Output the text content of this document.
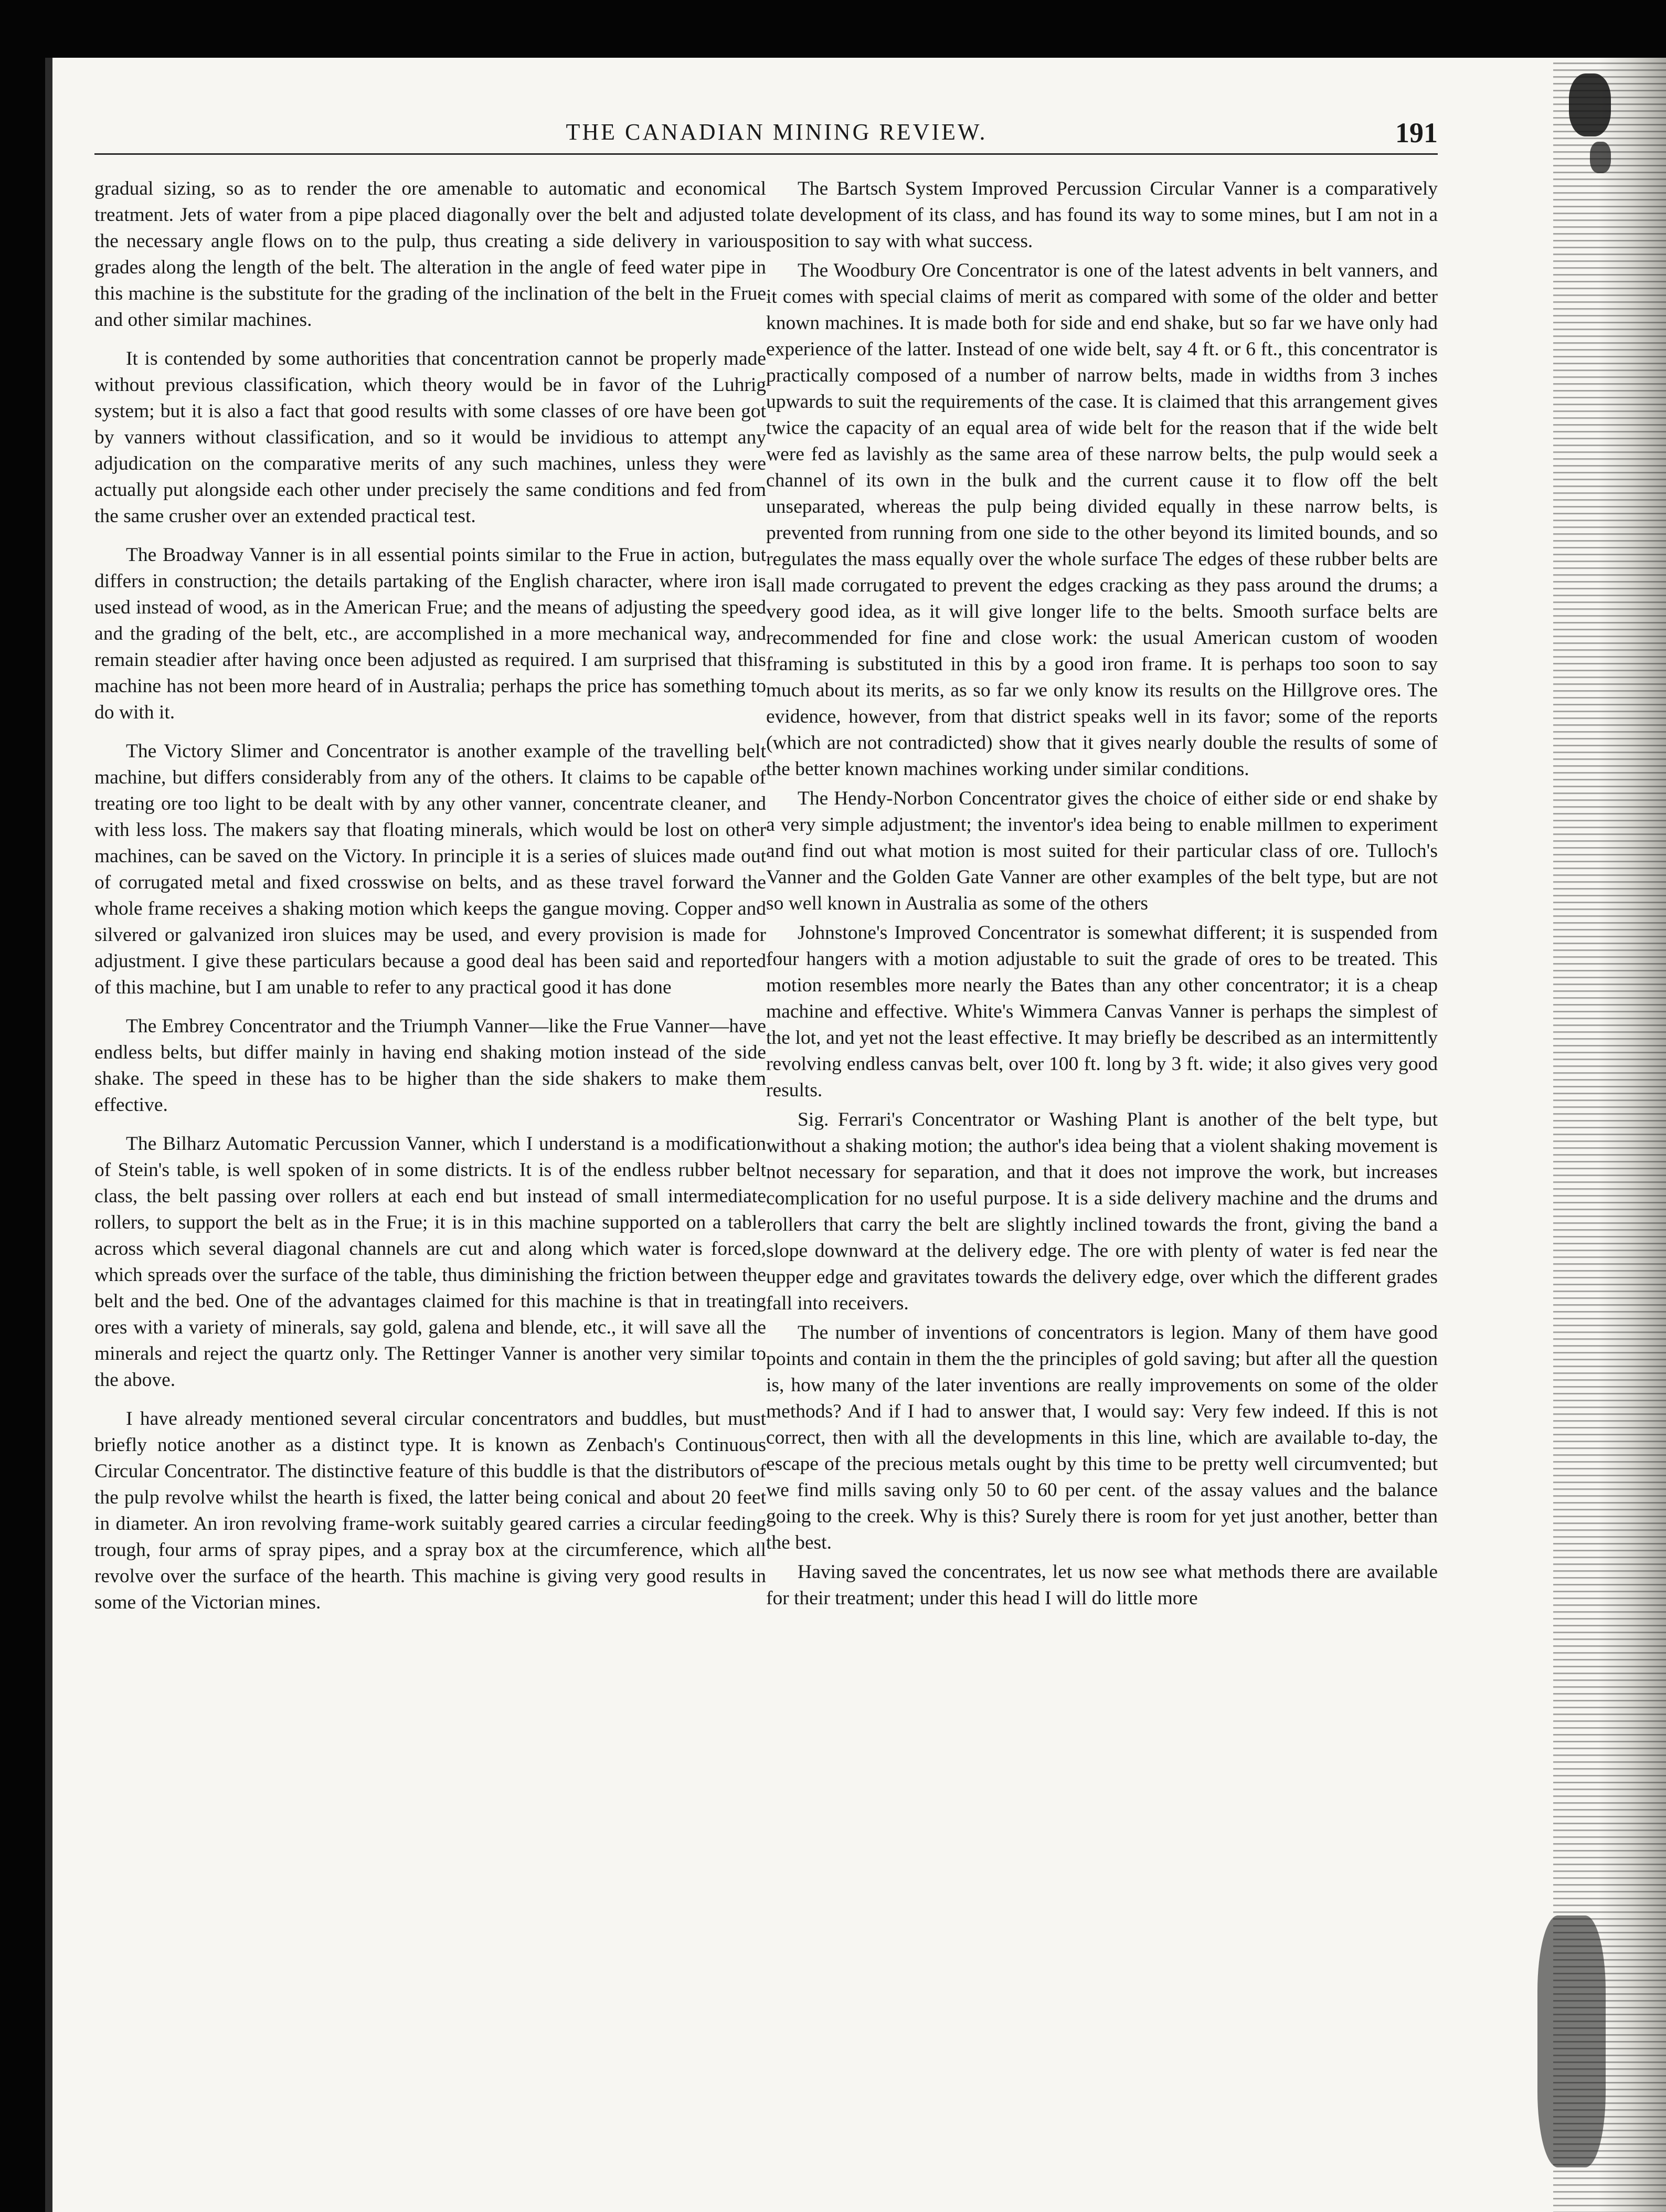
THE CANADIAN MINING REVIEW.	191

gradual sizing, so as to render the ore amenable to automatic and economical treatment. Jets of water from a pipe placed diagonally over the belt and adjusted to the necessary angle flows on to the pulp, thus creating a side delivery in various grades along the length of the belt. The alteration in the angle of feed water pipe in this machine is the substitute for the grading of the inclination of the belt in the Frue and other similar machines.

It is contended by some authorities that concentration cannot be properly made without previous classification, which theory would be in favor of the Luhrig system; but it is also a fact that good results with some classes of ore have been got by vanners without classification, and so it would be invidious to attempt any adjudication on the comparative merits of any such machines, unless they were actually put alongside each other under precisely the same conditions and fed from the same crusher over an extended practical test.

The Broadway Vanner is in all essential points similar to the Frue in action, but differs in construction; the details partaking of the English character, where iron is used instead of wood, as in the American Frue; and the means of adjusting the speed and the grading of the belt, etc., are accomplished in a more mechanical way, and remain steadier after having once been adjusted as required. I am surprised that this machine has not been more heard of in Australia; perhaps the price has something to do with it.

The Victory Slimer and Concentrator is another example of the travelling belt machine, but differs considerably from any of the others. It claims to be capable of treating ore too light to be dealt with by any other vanner, concentrate cleaner, and with less loss. The makers say that floating minerals, which would be lost on other machines, can be saved on the Victory. In principle it is a series of sluices made out of corrugated metal and fixed crosswise on belts, and as these travel forward the whole frame receives a shaking motion which keeps the gangue moving. Copper and silvered or galvanized iron sluices may be used, and every provision is made for adjustment. I give these particulars because a good deal has been said and reported of this machine, but I am unable to refer to any practical good it has done

The Embrey Concentrator and the Triumph Vanner—like the Frue Vanner—have endless belts, but differ mainly in having end shaking motion instead of the side shake. The speed in these has to be higher than the side shakers to make them effective.

The Bilharz Automatic Percussion Vanner, which I understand is a modification of Stein's table, is well spoken of in some districts. It is of the endless rubber belt class, the belt passing over rollers at each end but instead of small intermediate rollers, to support the belt as in the Frue; it is in this machine supported on a table across which several diagonal channels are cut and along which water is forced, which spreads over the surface of the table, thus diminishing the friction between the belt and the bed. One of the advantages claimed for this machine is that in treating ores with a variety of minerals, say gold, galena and blende, etc., it will save all the minerals and reject the quartz only. The Rettinger Vanner is another very similar to the above.

I have already mentioned several circular concentrators and buddles, but must briefly notice another as a distinct type. It is known as Zenbach's Continuous Circular Concentrator. The distinctive feature of this buddle is that the distributors of the pulp revolve whilst the hearth is fixed, the latter being conical and about 20 feet in diameter. An iron revolving frame-work suitably geared carries a circular feeding trough, four arms of spray pipes, and a spray box at the circumference, which all revolve over the surface of the hearth. This machine is giving very good results in some of the Victorian mines.

The Bartsch System Improved Percussion Circular Vanner is a comparatively late development of its class, and has found its way to some mines, but I am not in a position to say with what success.

The Woodbury Ore Concentrator is one of the latest advents in belt vanners, and it comes with special claims of merit as compared with some of the older and better known machines. It is made both for side and end shake, but so far we have only had experience of the latter. Instead of one wide belt, say 4 ft. or 6 ft., this concentrator is practically composed of a number of narrow belts, made in widths from 3 inches upwards to suit the requirements of the case. It is claimed that this arrangement gives twice the capacity of an equal area of wide belt for the reason that if the wide belt were fed as lavishly as the same area of these narrow belts, the pulp would seek a channel of its own in the bulk and the current cause it to flow off the belt unseparated, whereas the pulp being divided equally in these narrow belts, is prevented from running from one side to the other beyond its limited bounds, and so regulates the mass equally over the whole surface The edges of these rubber belts are all made corrugated to prevent the edges cracking as they pass around the drums; a very good idea, as it will give longer life to the belts. Smooth surface belts are recommended for fine and close work: the usual American custom of wooden framing is substituted in this by a good iron frame. It is perhaps too soon to say much about its merits, as so far we only know its results on the Hillgrove ores. The evidence, however, from that district speaks well in its favor; some of the reports (which are not contradicted) show that it gives nearly double the results of some of the better known machines working under similar conditions.

The Hendy-Norbon Concentrator gives the choice of either side or end shake by a very simple adjustment; the inventor's idea being to enable millmen to experiment and find out what motion is most suited for their particular class of ore. Tulloch's Vanner and the Golden Gate Vanner are other examples of the belt type, but are not so well known in Australia as some of the others

Johnstone's Improved Concentrator is somewhat different; it is suspended from four hangers with a motion adjustable to suit the grade of ores to be treated. This motion resembles more nearly the Bates than any other concentrator; it is a cheap machine and effective. White's Wimmera Canvas Vanner is perhaps the simplest of the lot, and yet not the least effective. It may briefly be described as an intermittently revolving endless canvas belt, over 100 ft. long by 3 ft. wide; it also gives very good results.

Sig. Ferrari's Concentrator or Washing Plant is another of the belt type, but without a shaking motion; the author's idea being that a violent shaking movement is not necessary for separation, and that it does not improve the work, but increases complication for no useful purpose. It is a side delivery machine and the drums and rollers that carry the belt are slightly inclined towards the front, giving the band a slope downward at the delivery edge. The ore with plenty of water is fed near the upper edge and gravitates towards the delivery edge, over which the different grades fall into receivers.

The number of inventions of concentrators is legion. Many of them have good points and contain in them the the principles of gold saving; but after all the question is, how many of the later inventions are really improvements on some of the older methods? And if I had to answer that, I would say: Very few indeed. If this is not correct, then with all the developments in this line, which are available to-day, the escape of the precious metals ought by this time to be pretty well circumvented; but we find mills saving only 50 to 60 per cent. of the assay values and the balance going to the creek. Why is this? Surely there is room for yet just another, better than the best.

Having saved the concentrates, let us now see what methods there are available for their treatment; under this head I will do little more
